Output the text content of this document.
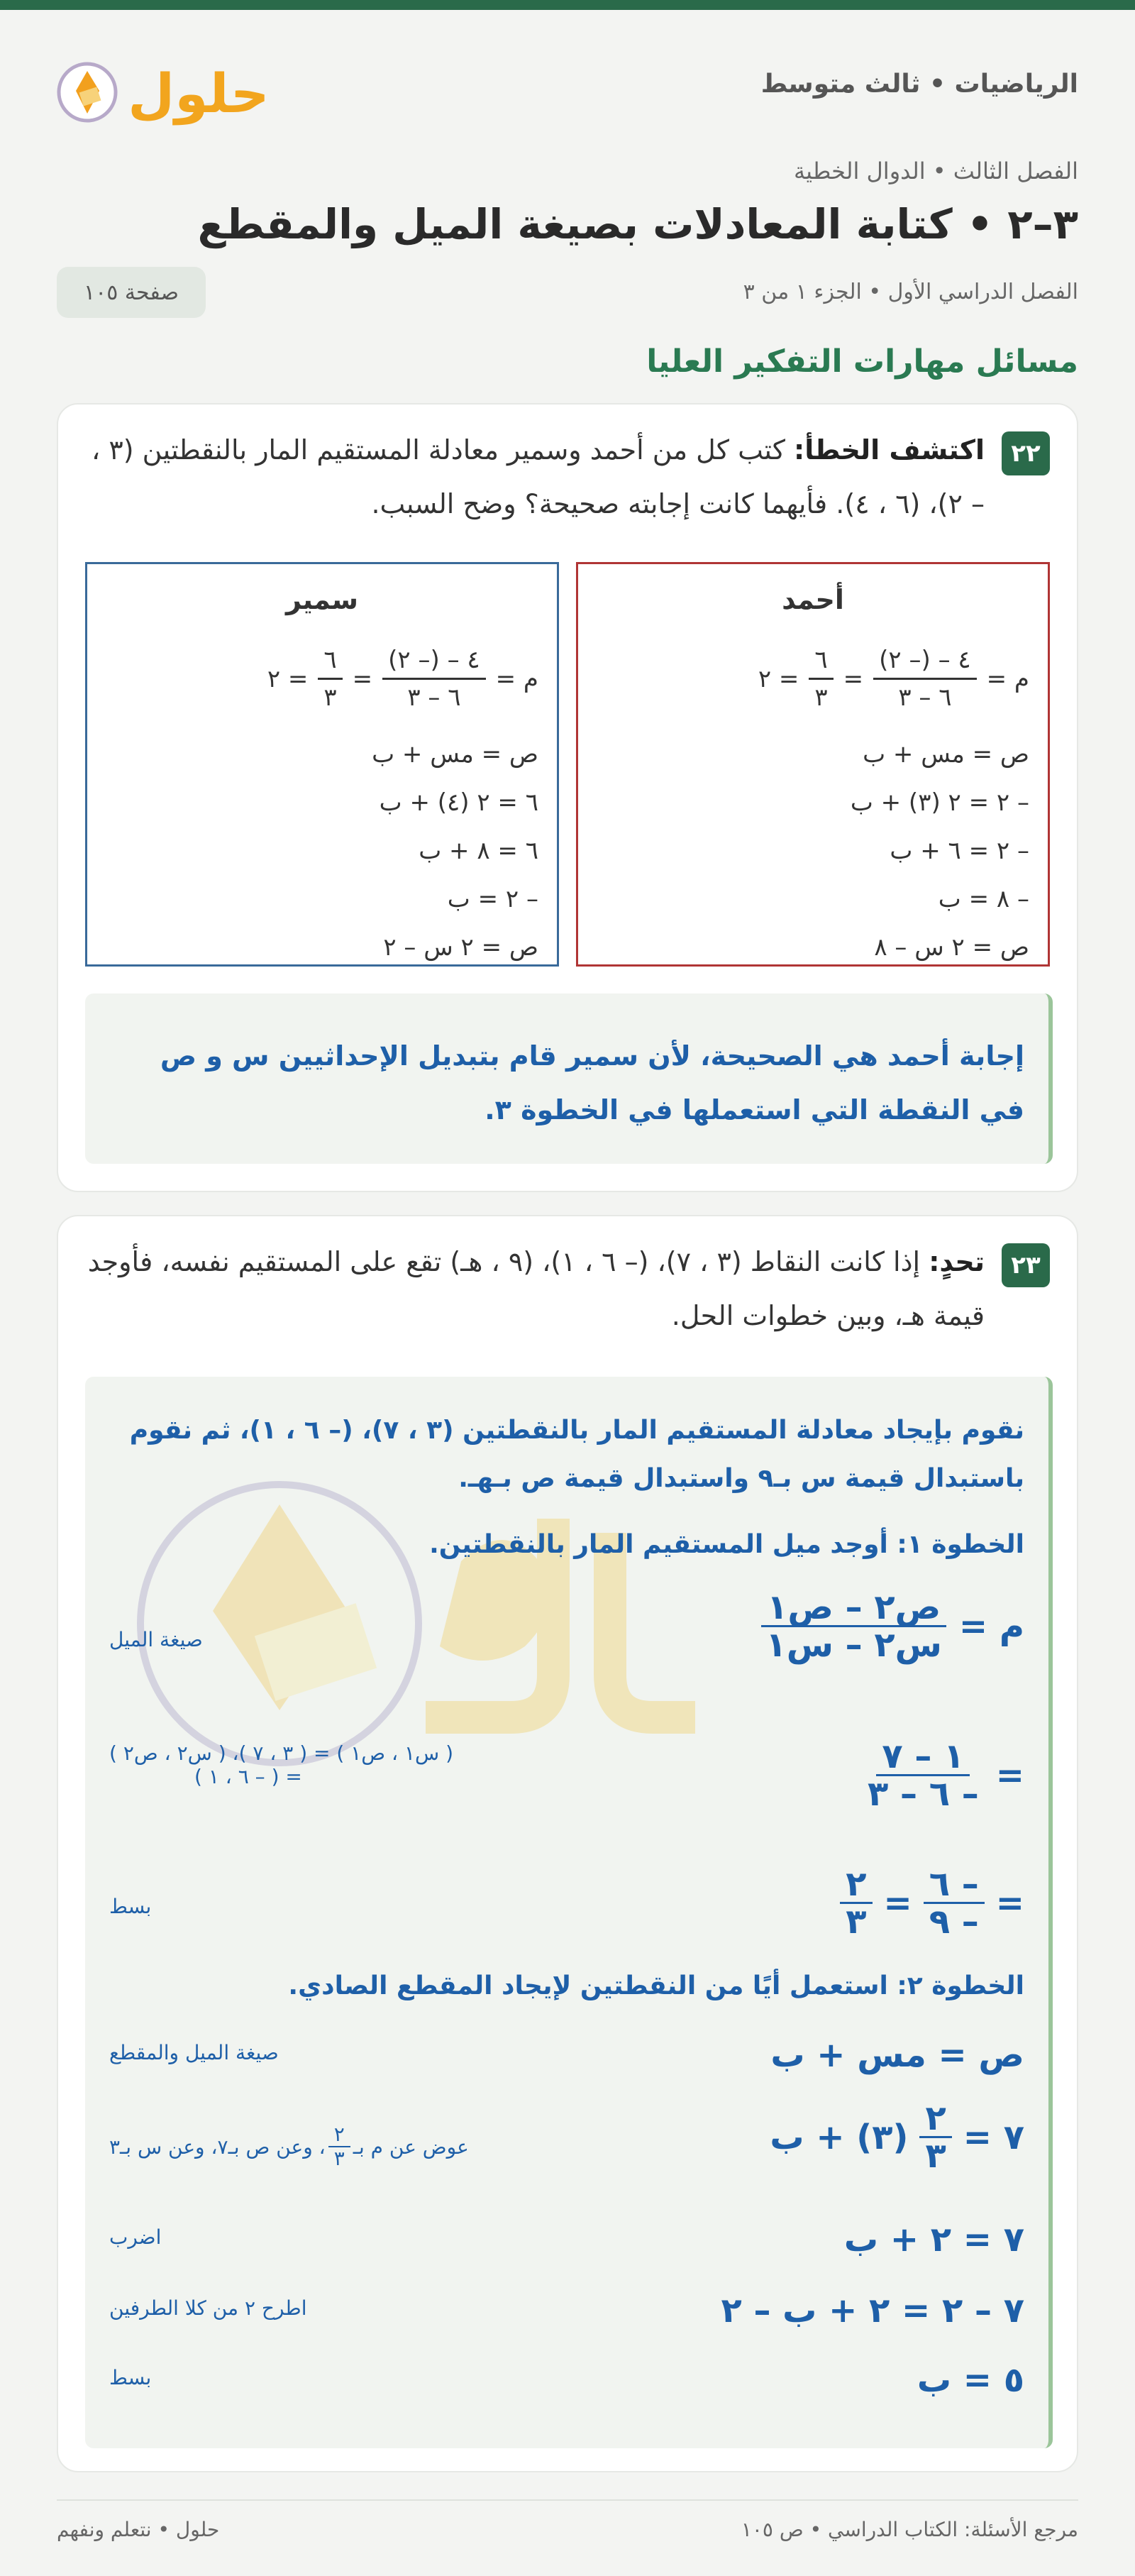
الرياضيات • ثالث متوسط
حلول
الفصل الثالث • الدوال الخطية
٣–٢ • كتابة المعادلات بصيغة الميل والمقطع
الفصل الدراسي الأول • الجزء ١ من ٣
صفحة ١٠٥
مسائل مهارات التفكير العليا
٢٢
اكتشف الخطأ: كتب كل من أحمد وسمير معادلة المستقيم المار بالنقطتين (٣ ، – ٢)، (٦ ، ٤). فأيهما كانت إجابته صحيحة؟ وضح السبب.
أحمد
م =
$\frac{٤ - (- ٢)}{٦ - ٣}$
=
$\frac{٦}{٣}$
= ٢
ص = مس + ب
– ٢ = ٢ (٣) + ب
– ٢ = ٦ + ب
– ٨ = ب
ص = ٢ س – ٨
سمير
م =
$\frac{٤ - (- ٢)}{٦ - ٣}$
=
$\frac{٦}{٣}$
= ٢
ص = مس + ب
٦ = ٢ (٤) + ب
٦ = ٨ + ب
– ٢ = ب
ص = ٢ س – ٢
إجابة أحمد هي الصحيحة، لأن سمير قام بتبديل الإحداثيين س و ص في النقطة التي استعملها في الخطوة ٣.
٢٣
تحدٍ: إذا كانت النقاط (٣ ، ٧)، (– ٦ ، ١)، (٩ ، هـ) تقع على المستقيم نفسه، فأوجد قيمة هـ، وبين خطوات الحل.
نقوم بإيجاد معادلة المستقيم المار بالنقطتين (٣ ، ٧)، (– ٦ ، ١)، ثم نقوم باستبدال قيمة س بـ٩ واستبدال قيمة ص بـهـ.
الخطوة ١: أوجد ميل المستقيم المار بالنقطتين.
م =
$\frac{\text{ص٢ – ص١}}{\text{س٢ – س١}}$
صيغة الميل
=
$\frac{١ - ٧}{- ٦ - ٣}$
( س١ ، ص١ ) = ( ٣ ، ٧ )، ( س٢ ، ص٢ )
= ( – ٦ ، ١ )
=
$\frac{- ٦}{- ٩}$
=
$\frac{٢}{٣}$
بسط
الخطوة ٢: استعمل أيًا من النقطتين لإيجاد المقطع الصادي.
ص = مس + ب
صيغة الميل والمقطع
٧ =
$\frac{٢}{٣}$
(٣) + ب
عوض عن م بـ
$\frac{٢}{٣}$
، وعن ص بـ٧، وعن س بـ٣
٧ = ٢ + ب
اضرب
٧ – ٢ = ٢ + ب – ٢
اطرح ٢ من كلا الطرفين
٥ = ب
بسط
مرجع الأسئلة: الكتاب الدراسي • ص ١٠٥
حلول • نتعلم ونفهم
